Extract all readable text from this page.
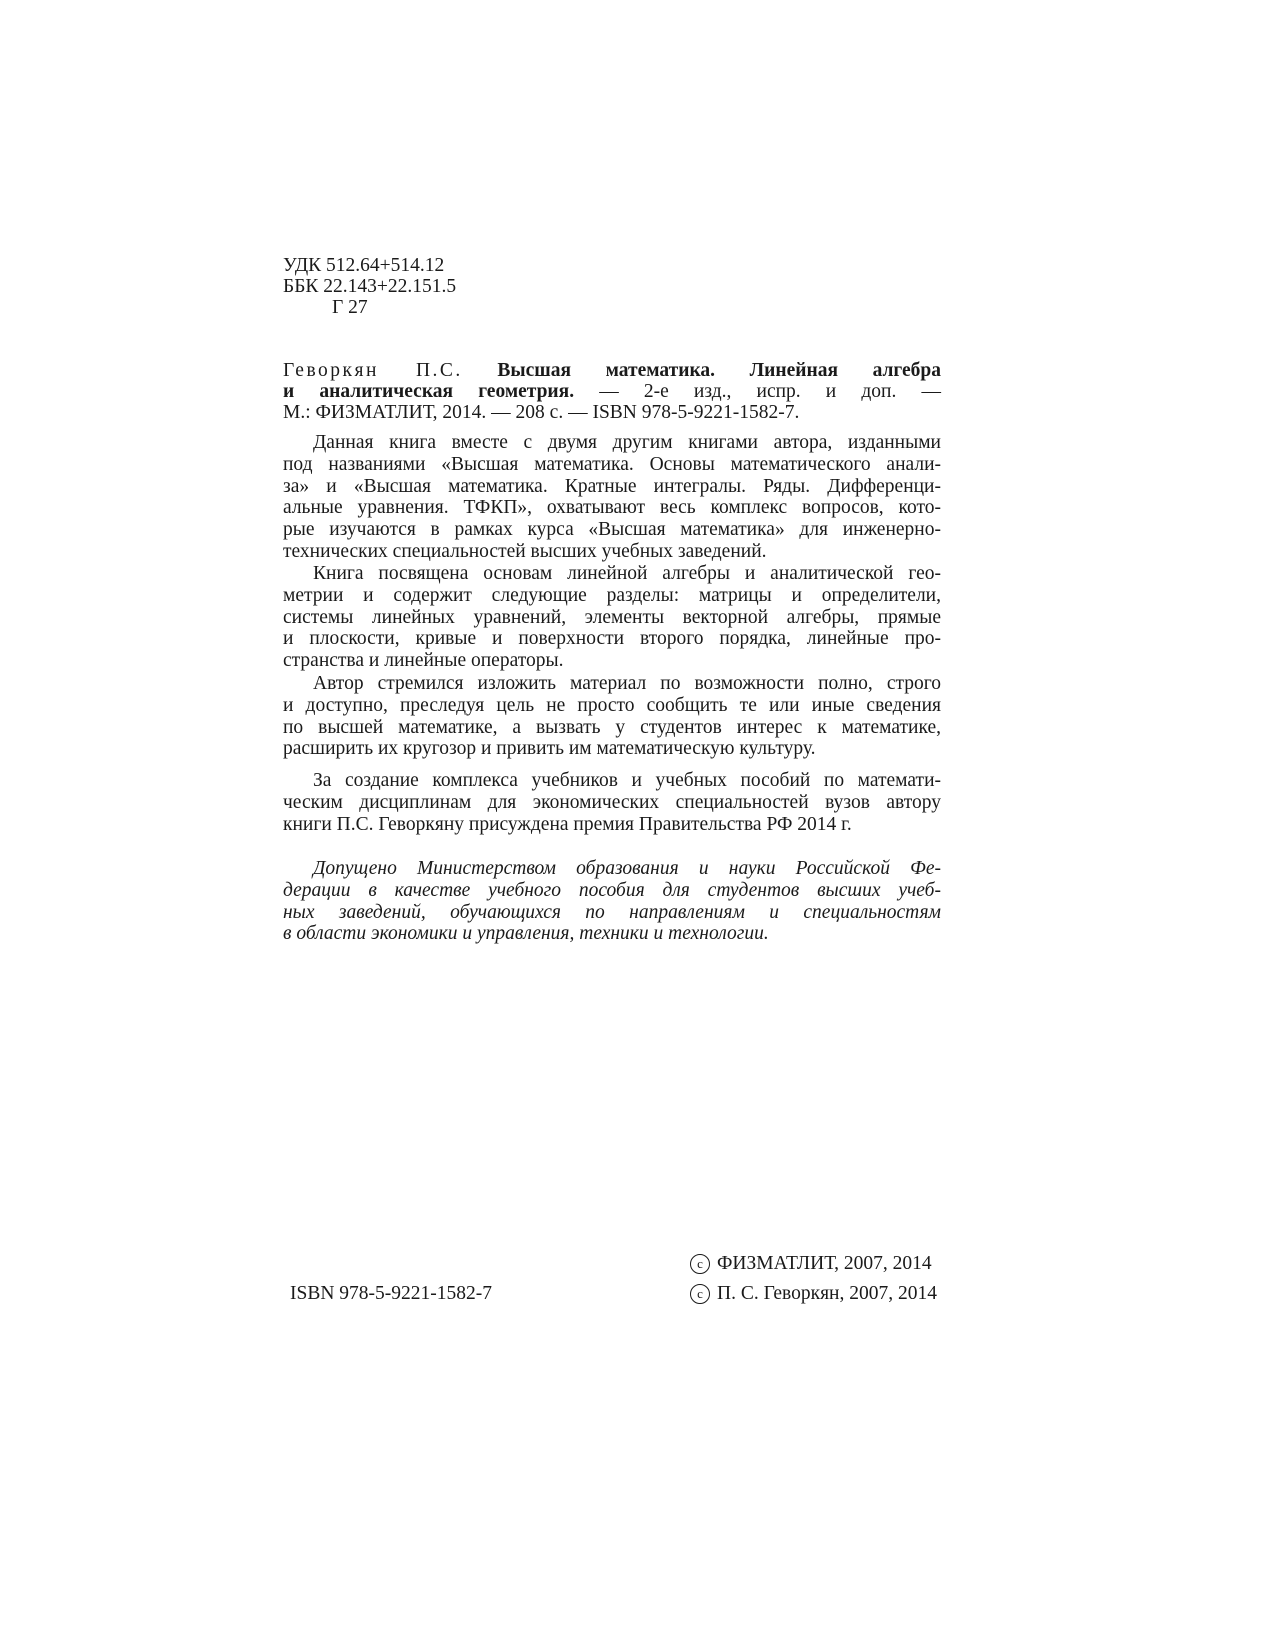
УДК 512.64+514.12
ББК 22.143+22.151.5
Г 27
Геворкян П.С. Высшая математика. Линейная алгебра
и аналитическая геометрия. — 2-е изд., испр. и доп. —
М.: ФИЗМАТЛИТ, 2014. — 208 с. — ISBN 978-5-9221-1582-7.
Данная книга вместе с двумя другим книгами автора, изданными
под названиями «Высшая математика. Основы математического анали-
за» и «Высшая математика. Кратные интегралы. Ряды. Дифференци-
альные уравнения. ТФКП», охватывают весь комплекс вопросов, кото-
рые изучаются в рамках курса «Высшая математика» для инженерно-
технических специальностей высших учебных заведений.
Книга посвящена основам линейной алгебры и аналитической гео-
метрии и содержит следующие разделы: матрицы и определители,
системы линейных уравнений, элементы векторной алгебры, прямые
и плоскости, кривые и поверхности второго порядка, линейные про-
странства и линейные операторы.
Автор стремился изложить материал по возможности полно, строго
и доступно, преследуя цель не просто сообщить те или иные сведения
по высшей математике, а вызвать у студентов интерес к математике,
расширить их кругозор и привить им математическую культуру.
За создание комплекса учебников и учебных пособий по математи-
ческим дисциплинам для экономических специальностей вузов автору
книги П.С. Геворкяну присуждена премия Правительства РФ 2014 г.
Допущено Министерством образования и науки Российской Фе-
дерации в качестве учебного пособия для студентов высших учеб-
ных заведений, обучающихся по направлениям и специальностям
в области экономики и управления, техники и технологии.
ISBN 978-5-9221-1582-7
c ФИЗМАТЛИТ, 2007, 2014
c П. С. Геворкян, 2007, 2014
